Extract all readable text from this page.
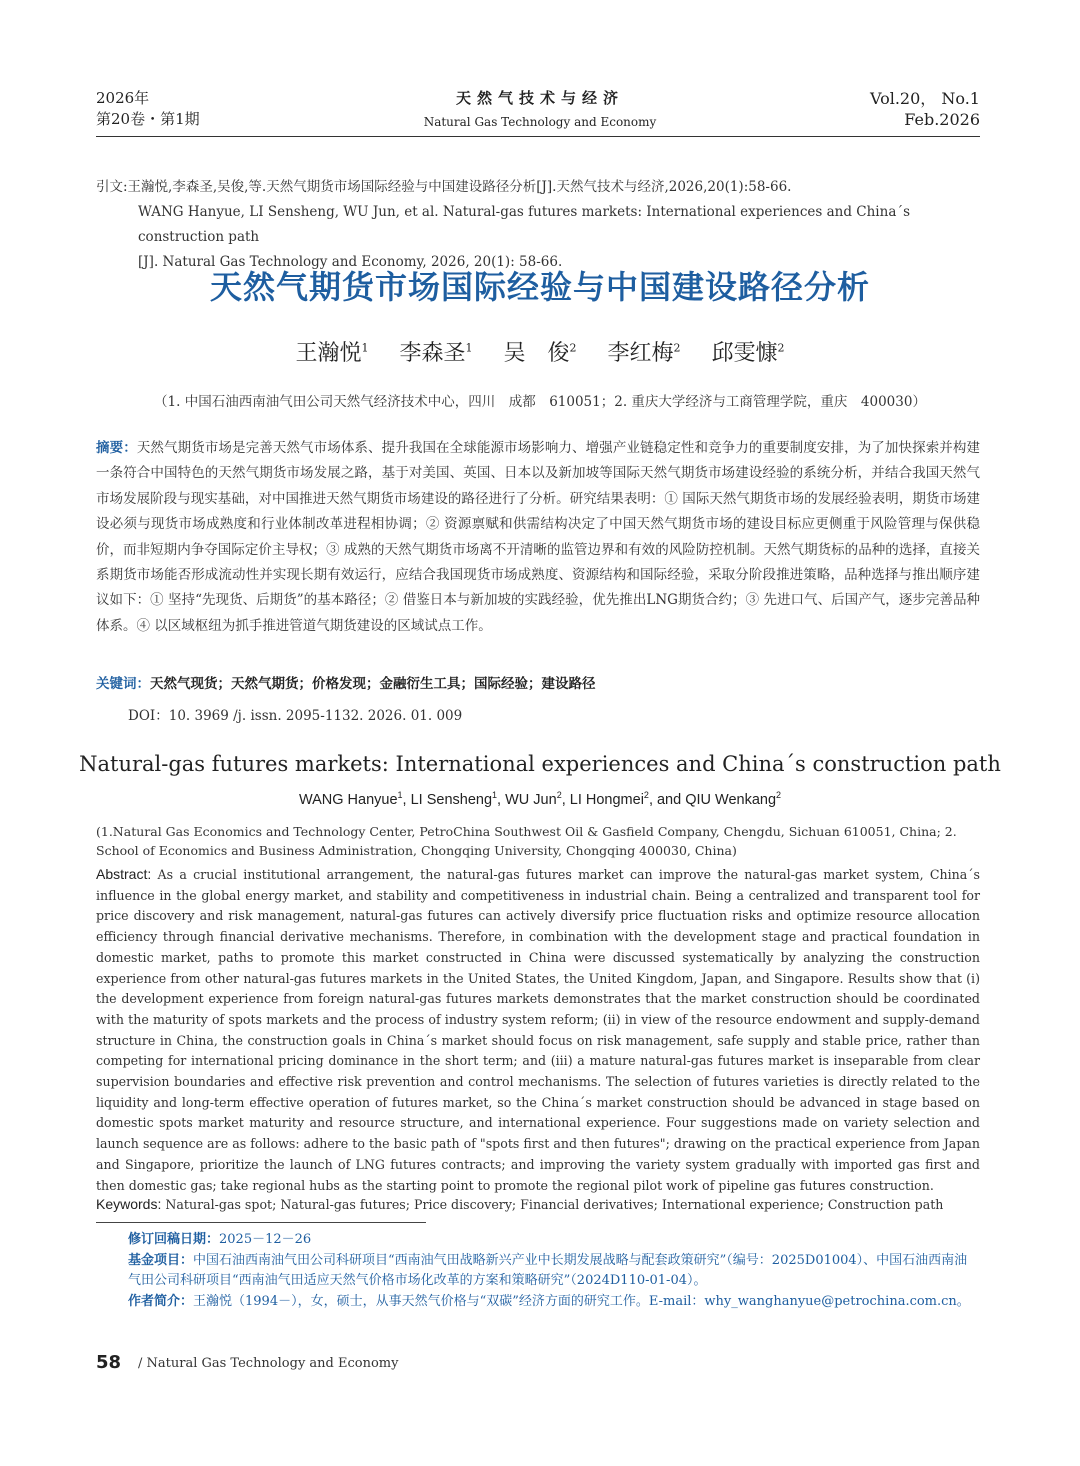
2026年
第20卷・第1期
天然气技术与经济
Natural Gas Technology and Economy
Vol.20， No.1
Feb.2026
引文:王瀚悦,李森圣,吴俊,等.天然气期货市场国际经验与中国建设路径分析[J].天然气技术与经济,2026,20(1):58-66.
WANG Hanyue, LI Sensheng, WU Jun, et al. Natural-gas futures markets: International experiences and China´s construction path
[J]. Natural Gas Technology and Economy, 2026, 20(1): 58-66.
天然气期货市场国际经验与中国建设路径分析
王瀚悦$^1$ 李森圣$^1$ 吴　俊$^2$ 李红梅$^2$ 邱雯慷$^2$
（1. 中国石油西南油气田公司天然气经济技术中心，四川　成都　610051；2. 重庆大学经济与工商管理学院，重庆　400030）
摘要：天然气期货市场是完善天然气市场体系、提升我国在全球能源市场影响力、增强产业链稳定性和竞争力的重要制度安排，为了加快探索并构建一条符合中国特色的天然气期货市场发展之路，基于对美国、英国、日本以及新加坡等国际天然气期货市场建设经验的系统分析，并结合我国天然气市场发展阶段与现实基础，对中国推进天然气期货市场建设的路径进行了分析。研究结果表明：① 国际天然气期货市场的发展经验表明，期货市场建设必须与现货市场成熟度和行业体制改革进程相协调；② 资源禀赋和供需结构决定了中国天然气期货市场的建设目标应更侧重于风险管理与保供稳价，而非短期内争夺国际定价主导权；③ 成熟的天然气期货市场离不开清晰的监管边界和有效的风险防控机制。天然气期货标的品种的选择，直接关系期货市场能否形成流动性并实现长期有效运行，应结合我国现货市场成熟度、资源结构和国际经验，采取分阶段推进策略，品种选择与推出顺序建议如下：① 坚持“先现货、后期货”的基本路径；② 借鉴日本与新加坡的实践经验，优先推出LNG期货合约；③ 先进口气、后国产气，逐步完善品种体系。④ 以区域枢纽为抓手推进管道气期货建设的区域试点工作。
关键词：天然气现货；天然气期货；价格发现；金融衍生工具；国际经验；建设路径
DOI：10. 3969 /j. issn. 2095-1132. 2026. 01. 009
Natural-gas futures markets: International experiences and China´s construction path
WANG Hanyue$^1$, LI Sensheng$^1$, WU Jun$^2$, LI Hongmei$^2$, and QIU Wenkang$^2$
(1.Natural Gas Economics and Technology Center, PetroChina Southwest Oil & Gasfield Company, Chengdu, Sichuan 610051, China; 2. School of Economics and Business Administration, Chongqing University, Chongqing 400030, China)
Abstract: As a crucial institutional arrangement, the natural-gas futures market can improve the natural-gas market system, China´s influence in the global energy market, and stability and competitiveness in industrial chain. Being a centralized and transparent tool for price discovery and risk management, natural-gas futures can actively diversify price fluctuation risks and optimize resource allocation efficiency through financial derivative mechanisms. Therefore, in combination with the development stage and practical foundation in domestic market, paths to promote this market constructed in China were discussed systematically by analyzing the construction experience from other natural-gas futures markets in the United States, the United Kingdom, Japan, and Singapore. Results show that (i) the development experience from foreign natural-gas futures markets demonstrates that the market construction should be coordinated with the maturity of spots markets and the process of industry system reform; (ii) in view of the resource endowment and supply-demand structure in China, the construction goals in China´s market should focus on risk management, safe supply and stable price, rather than competing for international pricing dominance in the short term; and (iii) a mature natural-gas futures market is inseparable from clear supervision boundaries and effective risk prevention and control mechanisms. The selection of futures varieties is directly related to the liquidity and long-term effective operation of futures market, so the China´s market construction should be advanced in stage based on domestic spots market maturity and resource structure, and international experience. Four suggestions made on variety selection and launch sequence are as follows: adhere to the basic path of "spots first and then futures"; drawing on the practical experience from Japan and Singapore, prioritize the launch of LNG futures contracts; and improving the variety system gradually with imported gas first and then domestic gas; take regional hubs as the starting point to promote the regional pilot work of pipeline gas futures construction.
Keywords: Natural-gas spot; Natural-gas futures; Price discovery; Financial derivatives; International experience; Construction path
修订回稿日期：2025－12－26
基金项目：中国石油西南油气田公司科研项目“西南油气田战略新兴产业中长期发展战略与配套政策研究”（编号：2025D01004）、中国石油西南油气田公司科研项目“西南油气田适应天然气价格市场化改革的方案和策略研究”（2024D110-01-04）。
作者简介：王瀚悦（1994－），女，硕士，从事天然气价格与“双碳”经济方面的研究工作。E-mail：why_wanghanyue@petrochina.com.cn。
58 / Natural Gas Technology and Economy
